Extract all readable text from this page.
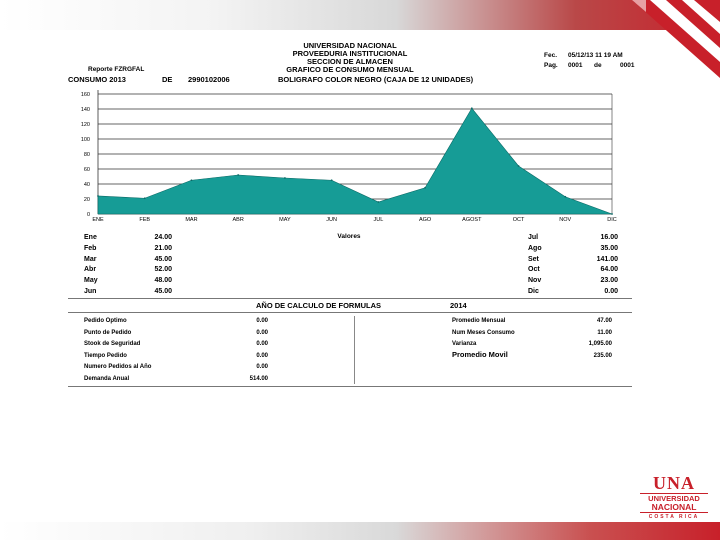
UNIVERSIDAD NACIONAL
PROVEEDURIA INSTITUCIONAL
SECCION DE ALMACEN
GRAFICO DE CONSUMO MENSUAL
Reporte FZRGFAL
Fec. 05/12/13 11 19 AM
Pag. 0001 de	0001
CONSUMO 2013	DE 2990102006	BOLIGRAFO COLOR NEGRO (CAJA DE 12 UNIDADES)
0
20
40
60
80
100
120
140
160
ENE	FEB	MAR	ABR	MAY	JUN	JUL	AGO	AGOST	OCT	NOV	DIC
Valores
Ene	24.00
Feb	21.00
Mar	45.00
Abr	52.00
May	48.00
Jun	45.00
Jul	16.00
Ago	35.00
Set	141.00
Oct	64.00
Nov	23.00
Dic	0.00
AÑO DE CALCULO DE FORMULAS	2014
Pedido Optimo	0.00
Punto de Pedido	0.00
Stook de Seguridad	0.00
Tiempo Pedido	0.00
Numero Pedidos al Año	0.00
Demanda Anual	514.00
Promedio Mensual	47.00
Num Meses Consumo	11.00
Varianza	1,095.00
Promedio Movil	235.00
UNA
UNIVERSIDAD
NACIONAL
COSTA RICA
